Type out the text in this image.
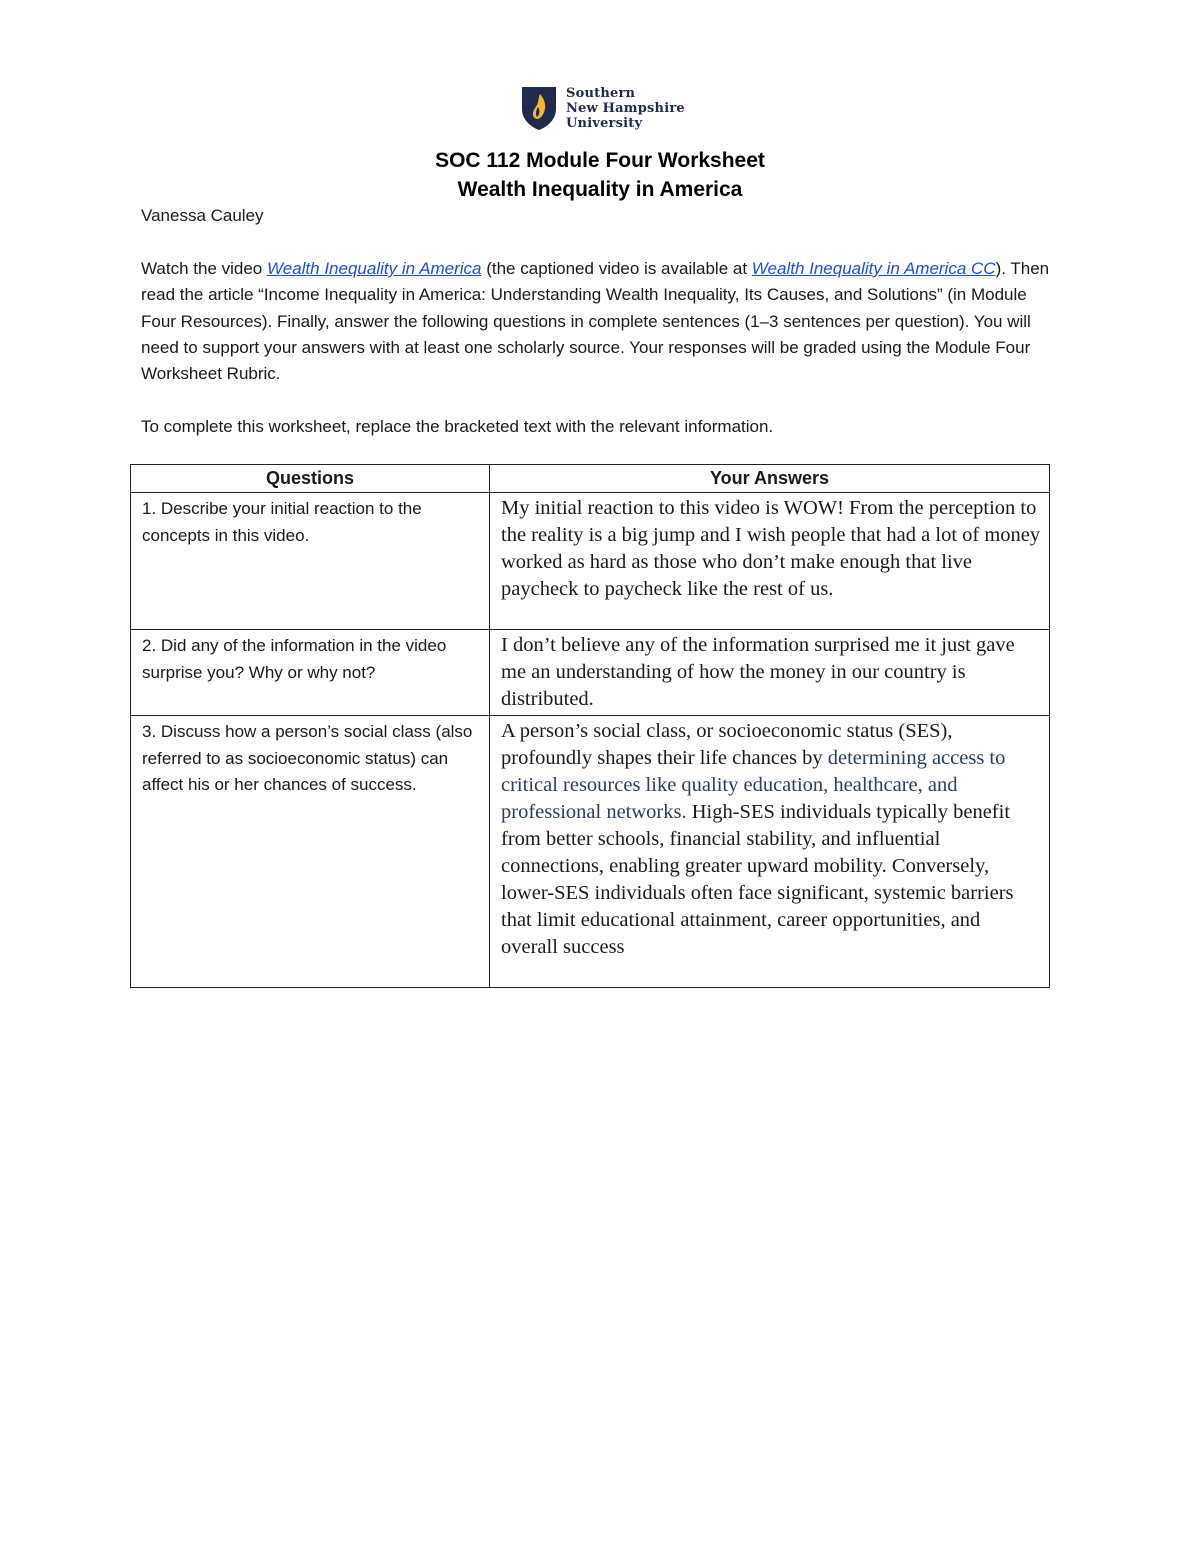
Southern
New Hampshire
University
SOC 112 Module Four Worksheet
Wealth Inequality in America
Vanessa Cauley
Watch the video Wealth Inequality in America (the captioned video is available at Wealth Inequality in America CC). Then read the article “Income Inequality in America: Understanding Wealth Inequality, Its Causes, and Solutions” (in Module Four Resources). Finally, answer the following questions in complete sentences (1–3 sentences per question). You will need to support your answers with at least one scholarly source. Your responses will be graded using the Module Four Worksheet Rubric.
To complete this worksheet, replace the bracketed text with the relevant information.
Questions	Your Answers
1. Describe your initial reaction to the concepts in this video.	My initial reaction to this video is WOW! From the perception to the reality is a big jump and I wish people that had a lot of money worked as hard as those who don’t make enough that live paycheck to paycheck like the rest of us.
2. Did any of the information in the video surprise you? Why or why not?	I don’t believe any of the information surprised me it just gave me an understanding of how the money in our country is distributed.
3. Discuss how a person’s social class (also referred to as socioeconomic status) can affect his or her chances of success.	A person’s social class, or socioeconomic status (SES), profoundly shapes their life chances by determining access to critical resources like quality education, healthcare, and professional networks. High-SES individuals typically benefit from better schools, financial stability, and influential connections, enabling greater upward mobility. Conversely, lower-SES individuals often face significant, systemic barriers that limit educational attainment, career opportunities, and overall success
